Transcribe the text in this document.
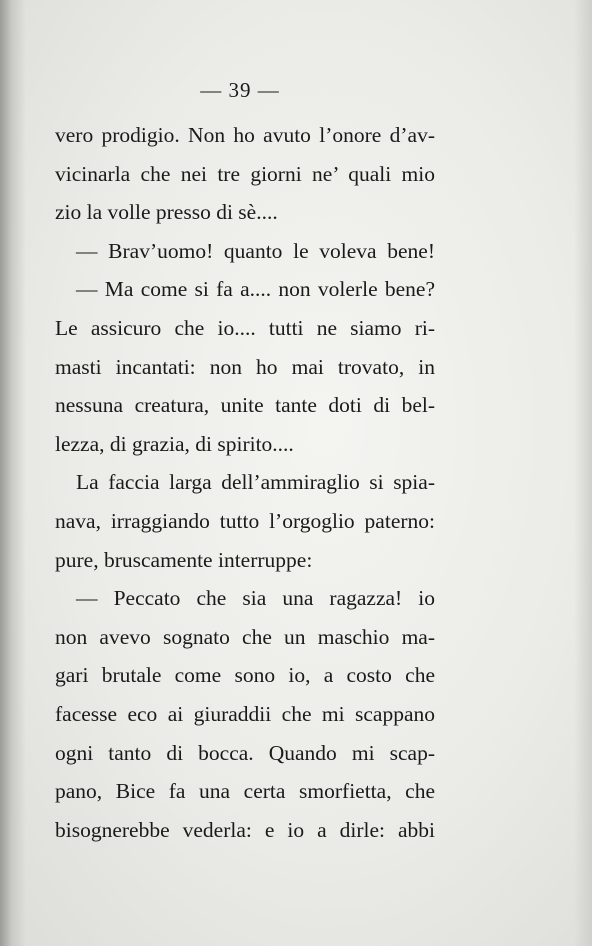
— 39 —
vero prodigio. Non ho avuto l’onore d’av-
vicinarla che nei tre giorni ne’ quali mio
zio la volle presso di sè....
— Brav’uomo! quanto le voleva bene!
— Ma come si fa a.... non volerle bene?
Le assicuro che io.... tutti ne siamo ri-
masti incantati: non ho mai trovato, in
nessuna creatura, unite tante doti di bel-
lezza, di grazia, di spirito....
La faccia larga dell’ammiraglio si spia-
nava, irraggiando tutto l’orgoglio paterno:
pure, bruscamente interruppe:
— Peccato che sia una ragazza! io
non avevo sognato che un maschio ma-
gari brutale come sono io, a costo che
facesse eco ai giuraddii che mi scappano
ogni tanto di bocca. Quando mi scap-
pano, Bice fa una certa smorfietta, che
bisognerebbe vederla: e io a dirle: abbi
